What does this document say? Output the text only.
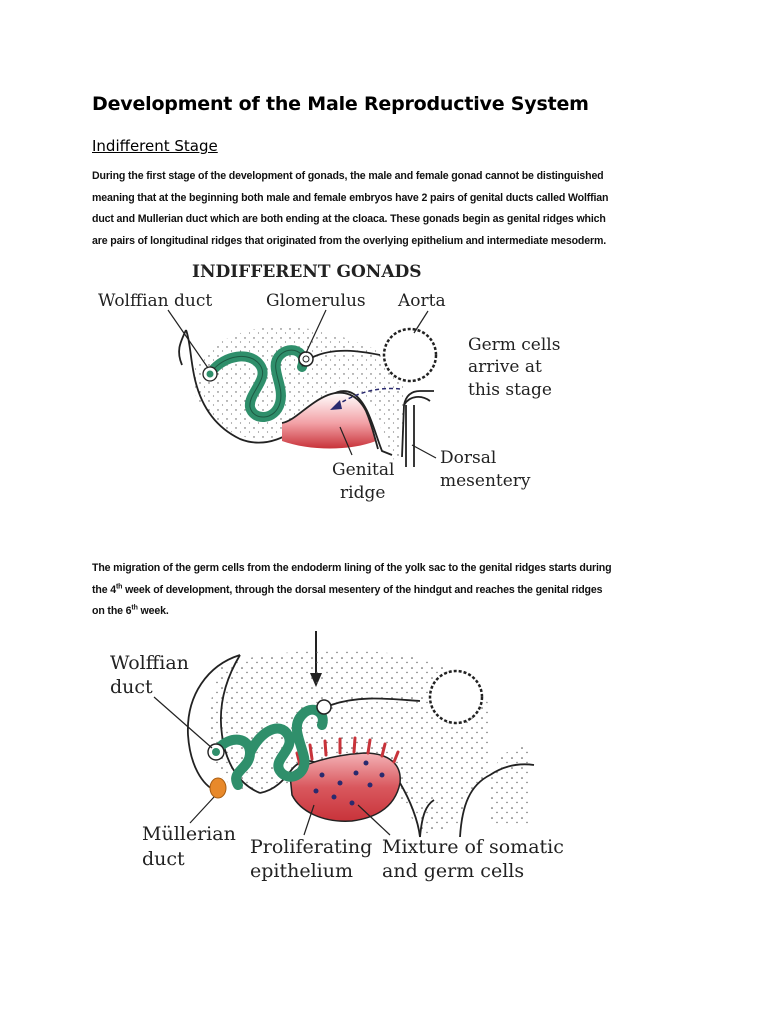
Development of the Male Reproductive System
Indifferent Stage
During the first stage of the development of gonads, the male and female gonad cannot be distinguished
meaning that at the beginning both male and female embryos have 2 pairs of genital ducts called Wolffian
duct and Mullerian duct which are both ending at the cloaca. These gonads begin as genital ridges which
are pairs of longitudinal ridges that originated from the overlying epithelium and intermediate mesoderm.
INDIFFERENT GONADS
Wolffian duct	Glomerulus Aorta
Germ cells
arrive at
this stage
Genital
ridge
Dorsal
mesentery
The migration of the germ cells from the endoderm lining of the yolk sac to the genital ridges starts during
the 4th week of development, through the dorsal mesentery of the hindgut and reaches the genital ridges
on the 6th week.
Wolffian
duct
Müllerian
duct
Proliferating
epithelium
Mixture of somatic
and germ cells
